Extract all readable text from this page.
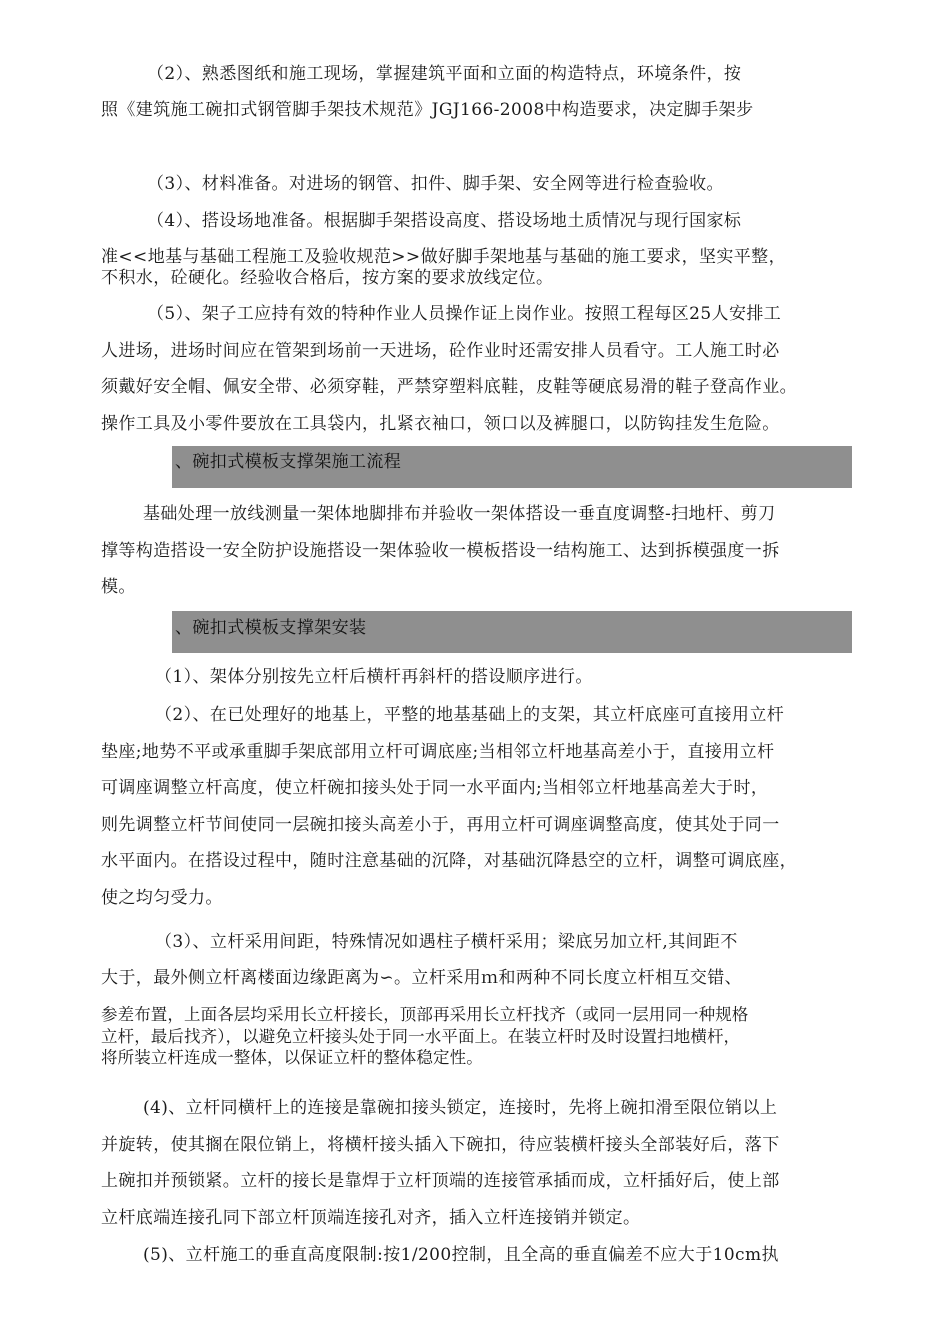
（2）、熟悉图纸和施工现场，掌握建筑平面和立面的构造特点，环境条件，按
照《建筑施工碗扣式钢管脚手架技术规范》JGJ166-2008中构造要求，决定脚手架步
（3）、材料准备。对进场的钢管、扣件、脚手架、安全网等进行检查验收。
（4）、搭设场地准备。根据脚手架搭设高度、搭设场地土质情况与现行国家标
准<<地基与基础工程施工及验收规范>>做好脚手架地基与基础的施工要求，坚实平整，
不积水，砼硬化。经验收合格后，按方案的要求放线定位。
（5）、架子工应持有效的特种作业人员操作证上岗作业。按照工程每区25人安排工
人进场，进场时间应在管架到场前一天进场，砼作业时还需安排人员看守。工人施工时必
须戴好安全帽、佩安全带、必须穿鞋，严禁穿塑料底鞋，皮鞋等硬底易滑的鞋子登高作业。
操作工具及小零件要放在工具袋内，扎紧衣袖口，领口以及裤腿口，以防钩挂发生危险。
、碗扣式模板支撑架施工流程
基础处理一放线测量一架体地脚排布并验收一架体搭设一垂直度调整-扫地杆、剪刀
撑等构造搭设一安全防护设施搭设一架体验收一模板搭设一结构施工、达到拆模强度一拆
模。
、碗扣式模板支撑架安装
（1）、架体分别按先立杆后横杆再斜杆的搭设顺序进行。
（2）、在已处理好的地基上，平整的地基基础上的支架，其立杆底座可直接用立杆
垫座;地势不平或承重脚手架底部用立杆可调底座;当相邻立杆地基高差小于，直接用立杆
可调座调整立杆高度，使立杆碗扣接头处于同一水平面内;当相邻立杆地基高差大于时，
则先调整立杆节间使同一层碗扣接头高差小于，再用立杆可调座调整高度，使其处于同一
水平面内。在搭设过程中，随时注意基础的沉降，对基础沉降悬空的立杆，调整可调底座，
使之均匀受力。
（3）、立杆采用间距，特殊情况如遇柱子横杆采用；梁底另加立杆,其间距不
大于，最外侧立杆离楼面边缘距离为∽。立杆采用ｍ和两种不同长度立杆相互交错、
参差布置，上面各层均采用长立杆接长，顶部再采用长立杆找齐（或同一层用同一种规格
立杆，最后找齐），以避免立杆接头处于同一水平面上。在装立杆时及时设置扫地横杆，
将所装立杆连成一整体，以保证立杆的整体稳定性。
(4)、立杆同横杆上的连接是靠碗扣接头锁定，连接时，先将上碗扣滑至限位销以上
并旋转，使其搁在限位销上，将横杆接头插入下碗扣，待应装横杆接头全部装好后，落下
上碗扣并预锁紧。立杆的接长是靠焊于立杆顶端的连接管承插而成，立杆插好后，使上部
立杆底端连接孔同下部立杆顶端连接孔对齐，插入立杆连接销并锁定。
(5)、立杆施工的垂直高度限制:按1/200控制，且全高的垂直偏差不应大于10cm执
